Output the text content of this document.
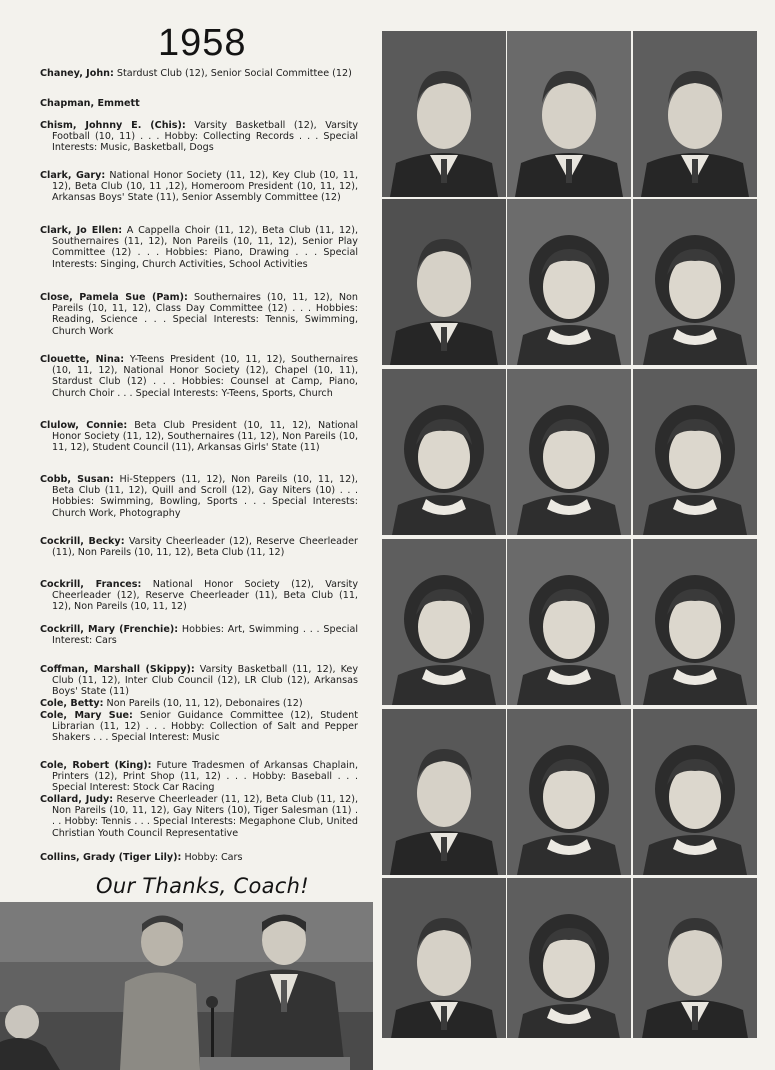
1958
Chaney, John: Stardust Club (12), Senior Social Committee (12)
Chapman, Emmett
Chism, Johnny E. (Chis): Varsity Basketball (12), Varsity Football (10, 11) . . . Hobby: Collecting Records . . . Special Interests: Music, Basketball, Dogs
Clark, Gary: National Honor Society (11, 12), Key Club (10, 11, 12), Beta Club (10, 11 ,12), Homeroom President (10, 11, 12), Arkansas Boys' State (11), Senior Assembly Committee (12)
Clark, Jo Ellen: A Cappella Choir (11, 12), Beta Club (11, 12), Southernaires (11, 12), Non Pareils (10, 11, 12), Senior Play Committee (12) . . . Hobbies: Piano, Drawing . . . Special Interests: Singing, Church Activities, School Activities
Close, Pamela Sue (Pam): Southernaires (10, 11, 12), Non Pareils (10, 11, 12), Class Day Committee (12) . . . Hobbies: Reading, Science . . . Special Interests: Tennis, Swimming, Church Work
Clouette, Nina: Y-Teens President (10, 11, 12), Southernaires (10, 11, 12), National Honor Society (12), Chapel (10, 11), Stardust Club (12) . . . Hobbies: Counsel at Camp, Piano, Church Choir . . . Special Interests: Y-Teens, Sports, Church
Clulow, Connie: Beta Club President (10, 11, 12), National Honor Society (11, 12), Southernaires (11, 12), Non Pareils (10, 11, 12), Student Council (11), Arkansas Girls' State (11)
Cobb, Susan: Hi-Steppers (11, 12), Non Pareils (10, 11, 12), Beta Club (11, 12), Quill and Scroll (12), Gay Niters (10) . . . Hobbies: Swimming, Bowling, Sports . . . Special Interests: Church Work, Photography
Cockrill, Becky: Varsity Cheerleader (12), Reserve Cheerleader (11), Non Pareils (10, 11, 12), Beta Club (11, 12)
Cockrill, Frances: National Honor Society (12), Varsity Cheerleader (12), Reserve Cheerleader (11), Beta Club (11, 12), Non Pareils (10, 11, 12)
Cockrill, Mary (Frenchie): Hobbies: Art, Swimming . . . Special Interest: Cars
Coffman, Marshall (Skippy): Varsity Basketball (11, 12), Key Club (11, 12), Inter Club Council (12), LR Club (12), Arkansas Boys' State (11)
Cole, Betty: Non Pareils (10, 11, 12), Debonaires (12)
Cole, Mary Sue: Senior Guidance Committee (12), Student Librarian (11, 12) . . . Hobby: Collection of Salt and Pepper Shakers . . . Special Interest: Music
Cole, Robert (King): Future Tradesmen of Arkansas Chaplain, Printers (12), Print Shop (11, 12) . . . Hobby: Baseball . . . Special Interest: Stock Car Racing
Collard, Judy: Reserve Cheerleader (11, 12), Beta Club (11, 12), Non Pareils (10, 11, 12), Gay Niters (10), Tiger Salesman (11) . . . Hobby: Tennis . . . Special Interests: Megaphone Club, United Christian Youth Council Representative
Collins, Grady (Tiger Lily): Hobby: Cars
Our Thanks, Coach!
